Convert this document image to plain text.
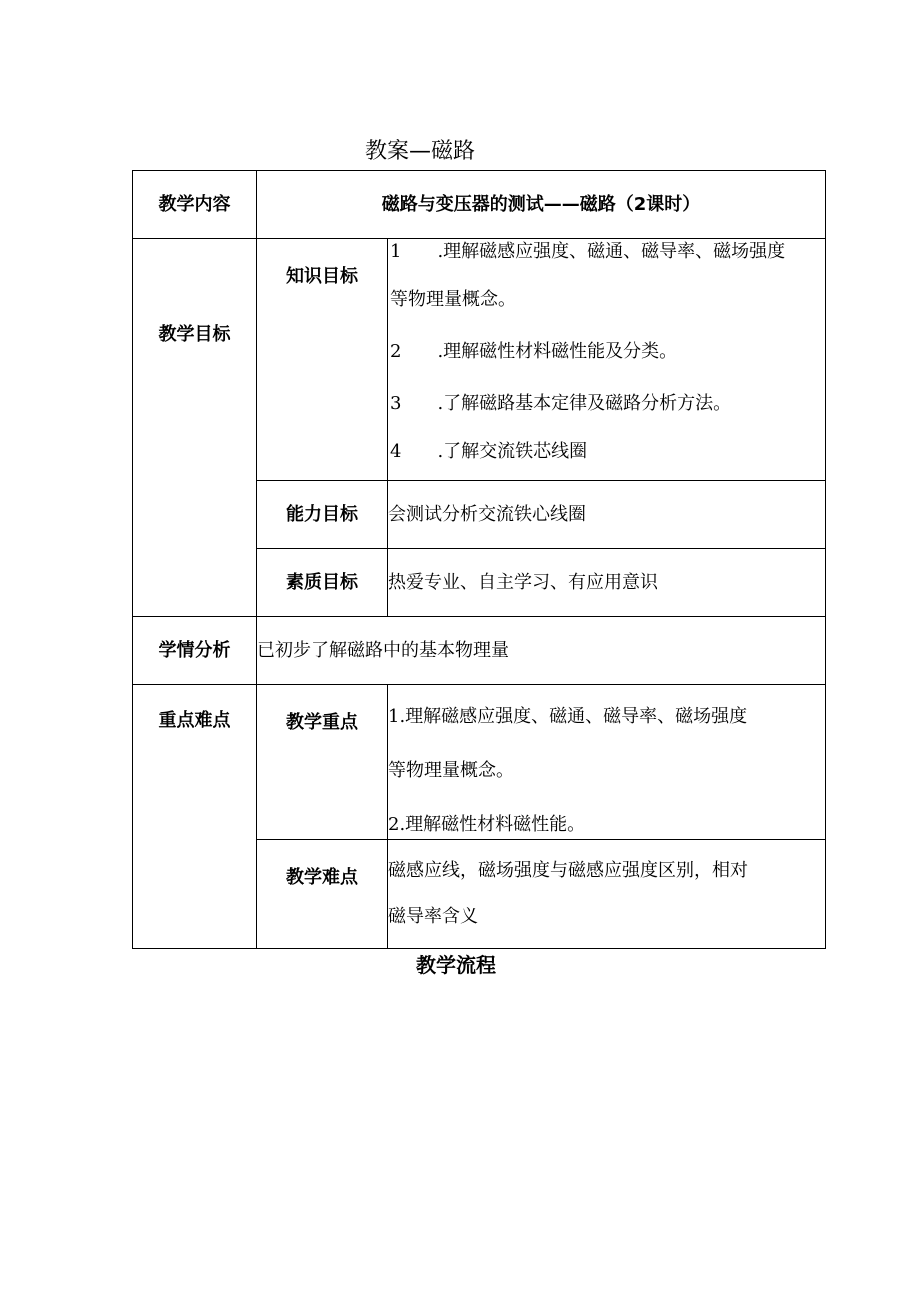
教案—磁路
教学内容	磁路与变压器的测试——磁路（2课时）	

教学目标	知识目标	1　　.理解磁感应强度、磁通、磁导率、磁场强度
等物理量概念。
2　　.理解磁性材料磁性能及分类。
3　　.了解磁路基本定律及磁路分析方法。
4　　.了解交流铁芯线圈

	能力目标	会测试分析交流铁心线圈
	素质目标	热爱专业、自主学习、有应用意识
学情分析	已初步了解磁路中的基本物理量	

重点难点	教学重点	1.理解磁感应强度、磁通、磁导率、磁场强度
等物理量概念。
2.理解磁性材料磁性能。

	教学难点	磁感应线，磁场强度与磁感应强度区别，相对
磁导率含义
教学流程
